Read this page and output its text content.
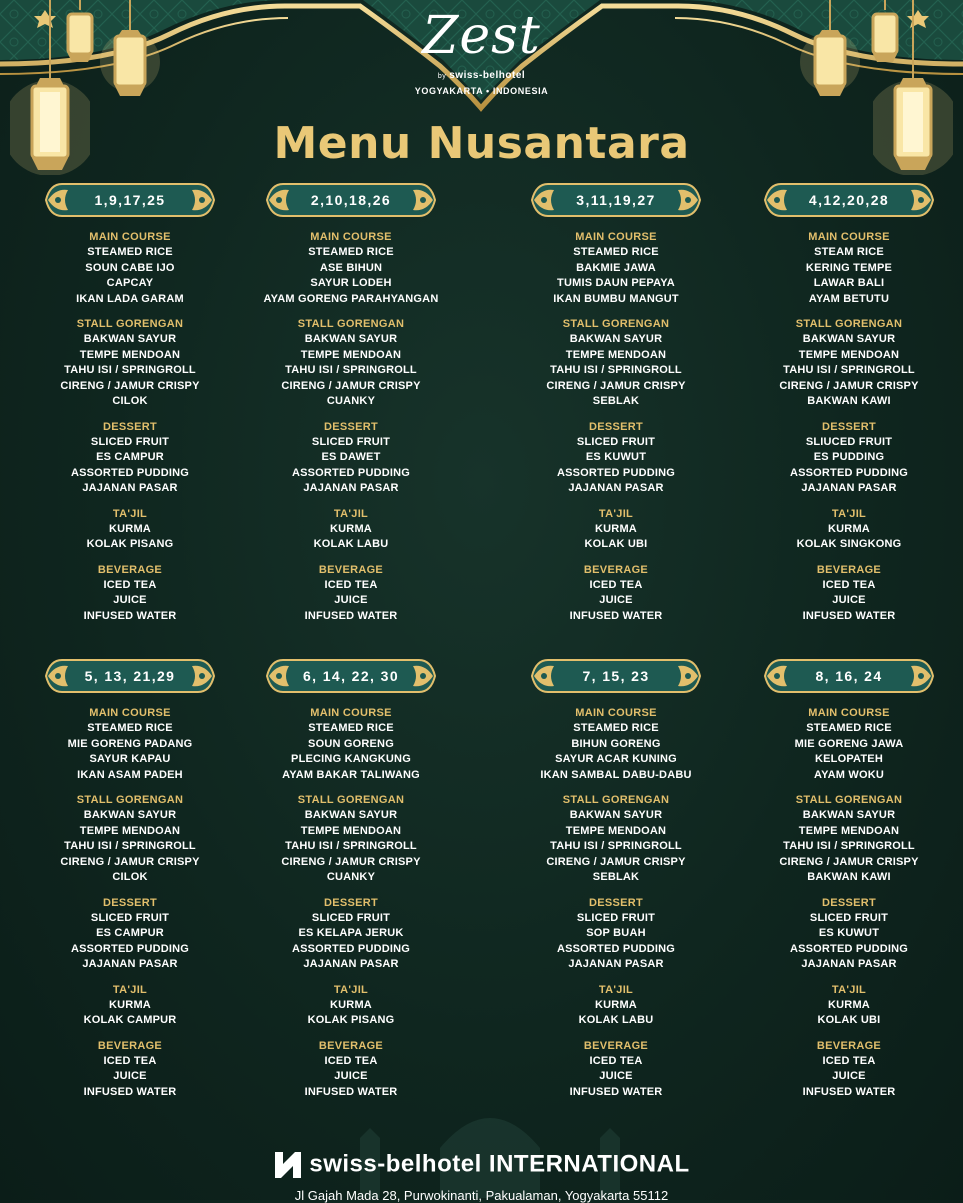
Zest
by swiss-belhotel
YOGYAKARTA • INDONESIA
Menu Nusantara
1,9,17,25
MAIN COURSE
STEAMED RICE
SOUN CABE IJO
CAPCAY
IKAN LADA GARAM
STALL GORENGAN
BAKWAN SAYUR
TEMPE MENDOAN
TAHU ISI / SPRINGROLL
CIRENG / JAMUR CRISPY
CILOK
DESSERT
SLICED FRUIT
ES CAMPUR
ASSORTED PUDDING
JAJANAN PASAR
TA'JIL
KURMA
KOLAK PISANG
BEVERAGE
ICED TEA
JUICE
INFUSED WATER
2,10,18,26
MAIN COURSE
STEAMED RICE
ASE BIHUN
SAYUR LODEH
AYAM GORENG PARAHYANGAN
STALL GORENGAN
BAKWAN SAYUR
TEMPE MENDOAN
TAHU ISI / SPRINGROLL
CIRENG / JAMUR CRISPY
CUANKY
DESSERT
SLICED FRUIT
ES DAWET
ASSORTED PUDDING
JAJANAN PASAR
TA'JIL
KURMA
KOLAK LABU
BEVERAGE
ICED TEA
JUICE
INFUSED WATER
3,11,19,27
MAIN COURSE
STEAMED RICE
BAKMIE JAWA
TUMIS DAUN PEPAYA
IKAN BUMBU MANGUT
STALL GORENGAN
BAKWAN SAYUR
TEMPE MENDOAN
TAHU ISI / SPRINGROLL
CIRENG / JAMUR CRISPY
SEBLAK
DESSERT
SLICED FRUIT
ES KUWUT
ASSORTED PUDDING
JAJANAN PASAR
TA'JIL
KURMA
KOLAK UBI
BEVERAGE
ICED TEA
JUICE
INFUSED WATER
4,12,20,28
MAIN COURSE
STEAM RICE
KERING TEMPE
LAWAR BALI
AYAM BETUTU
STALL GORENGAN
BAKWAN SAYUR
TEMPE MENDOAN
TAHU ISI / SPRINGROLL
CIRENG / JAMUR CRISPY
BAKWAN KAWI
DESSERT
SLIUCED FRUIT
ES PUDDING
ASSORTED PUDDING
JAJANAN PASAR
TA'JIL
KURMA
KOLAK SINGKONG
BEVERAGE
ICED TEA
JUICE
INFUSED WATER
5, 13, 21,29
MAIN COURSE
STEAMED RICE
MIE GORENG PADANG
SAYUR KAPAU
IKAN ASAM PADEH
STALL GORENGAN
BAKWAN SAYUR
TEMPE MENDOAN
TAHU ISI / SPRINGROLL
CIRENG / JAMUR CRISPY
CILOK
DESSERT
SLICED FRUIT
ES CAMPUR
ASSORTED PUDDING
JAJANAN PASAR
TA'JIL
KURMA
KOLAK CAMPUR
BEVERAGE
ICED TEA
JUICE
INFUSED WATER
6, 14, 22, 30
MAIN COURSE
STEAMED RICE
SOUN GORENG
PLECING KANGKUNG
AYAM BAKAR TALIWANG
STALL GORENGAN
BAKWAN SAYUR
TEMPE MENDOAN
TAHU ISI / SPRINGROLL
CIRENG / JAMUR CRISPY
CUANKY
DESSERT
SLICED FRUIT
ES KELAPA JERUK
ASSORTED PUDDING
JAJANAN PASAR
TA'JIL
KURMA
KOLAK PISANG
BEVERAGE
ICED TEA
JUICE
INFUSED WATER
7, 15, 23
MAIN COURSE
STEAMED RICE
BIHUN GORENG
SAYUR ACAR KUNING
IKAN SAMBAL DABU-DABU
STALL GORENGAN
BAKWAN SAYUR
TEMPE MENDOAN
TAHU ISI / SPRINGROLL
CIRENG / JAMUR CRISPY
SEBLAK
DESSERT
SLICED FRUIT
SOP BUAH
ASSORTED PUDDING
JAJANAN PASAR
TA'JIL
KURMA
KOLAK LABU
BEVERAGE
ICED TEA
JUICE
INFUSED WATER
8, 16, 24
MAIN COURSE
STEAMED RICE
MIE GORENG JAWA
KELOPATEH
AYAM WOKU
STALL GORENGAN
BAKWAN SAYUR
TEMPE MENDOAN
TAHU ISI / SPRINGROLL
CIRENG / JAMUR CRISPY
BAKWAN KAWI
DESSERT
SLICED FRUIT
ES KUWUT
ASSORTED PUDDING
JAJANAN PASAR
TA'JIL
KURMA
KOLAK UBI
BEVERAGE
ICED TEA
JUICE
INFUSED WATER
swiss-belhotel INTERNATIONAL
Jl Gajah Mada 28, Purwokinanti, Pakualaman, Yogyakarta 55112
